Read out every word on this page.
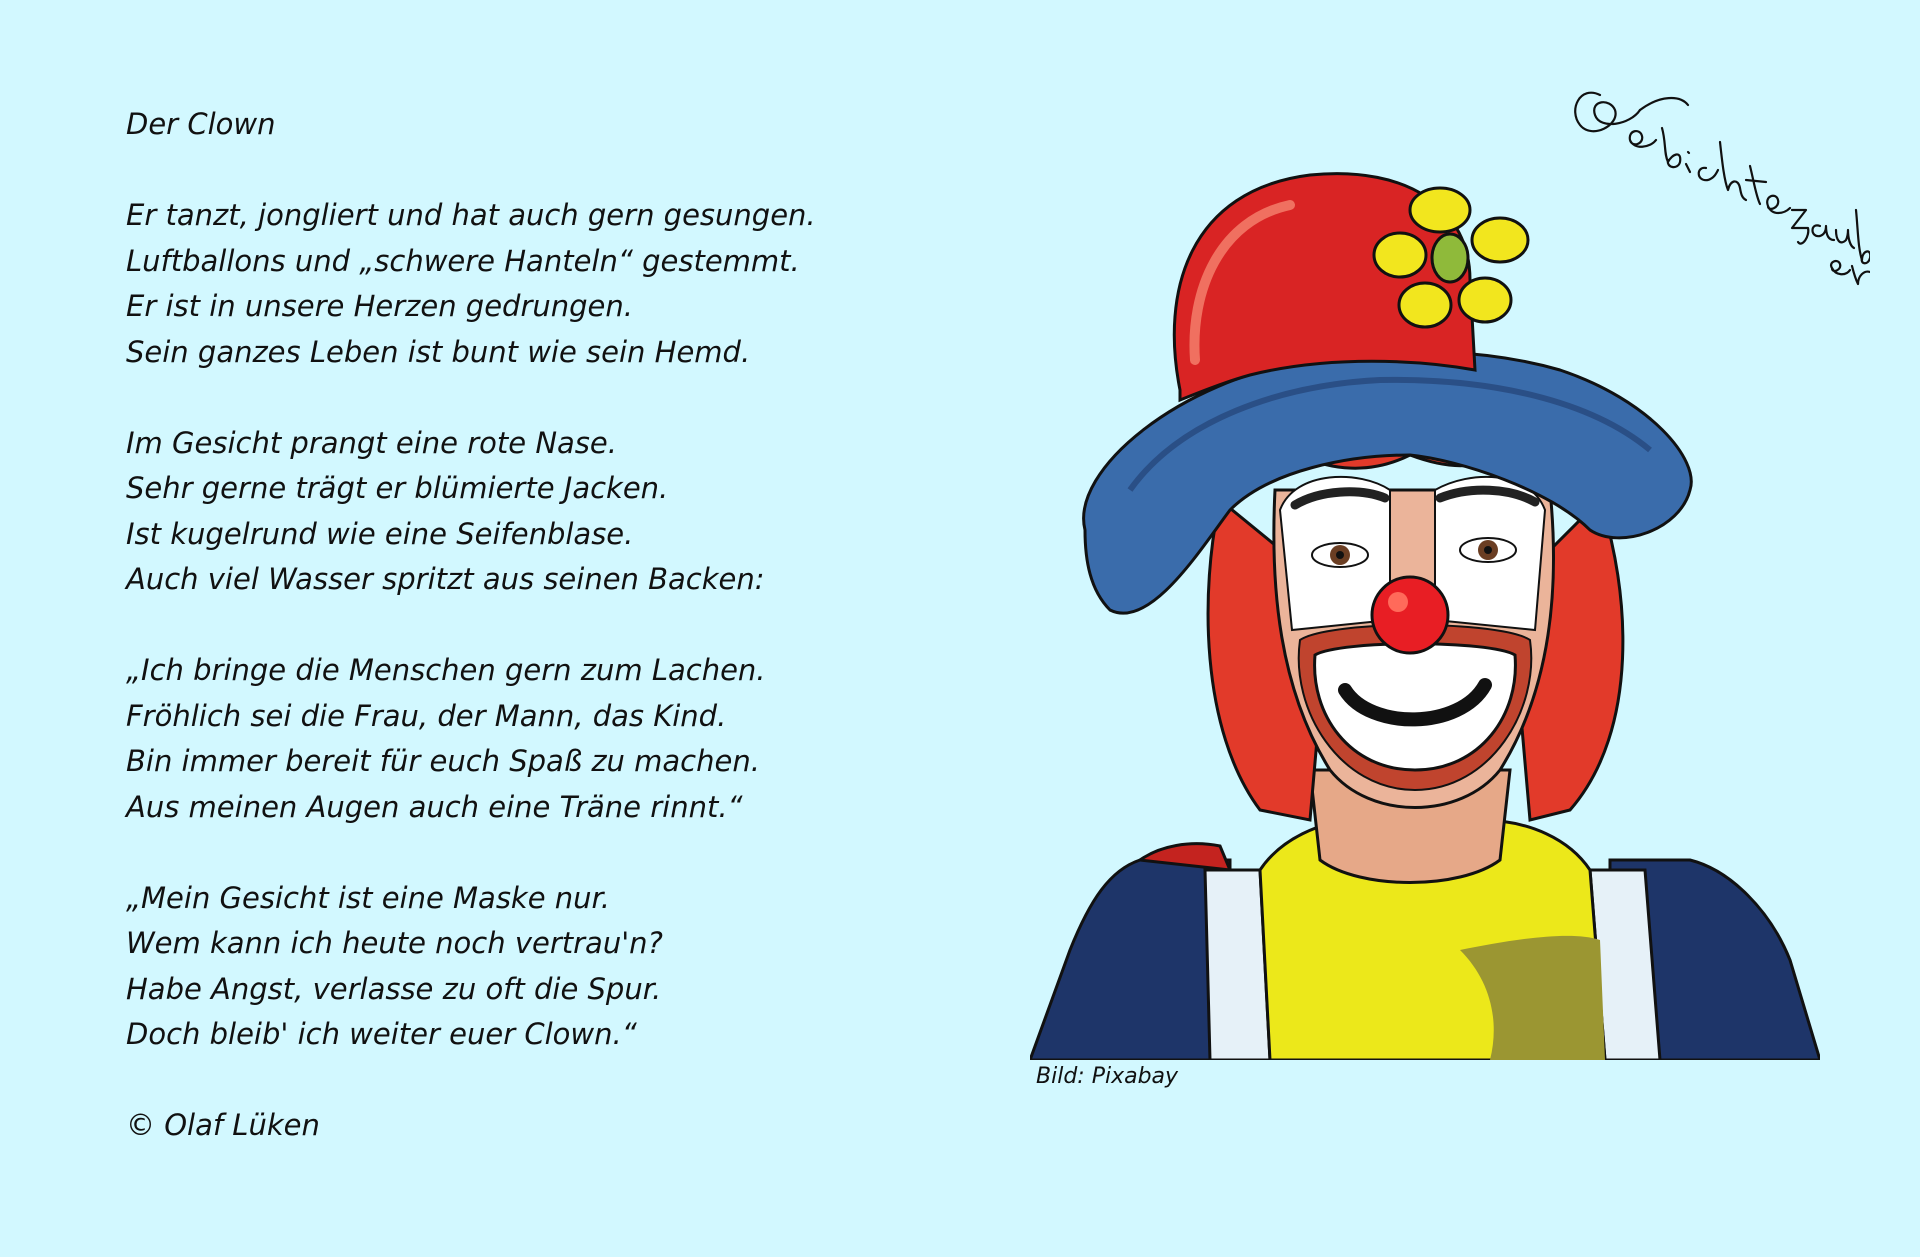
Der Clown
Er tanzt, jongliert und hat auch gern gesungen.
Luftballons und „schwere Hanteln“ gestemmt.
Er ist in unsere Herzen gedrungen.
Sein ganzes Leben ist bunt wie sein Hemd.
Im Gesicht prangt eine rote Nase.
Sehr gerne trägt er blümierte Jacken.
Ist kugelrund wie eine Seifenblase.
Auch viel Wasser spritzt aus seinen Backen:
„Ich bringe die Menschen gern zum Lachen.
Fröhlich sei die Frau, der Mann, das Kind.
Bin immer bereit für euch Spaß zu machen.
Aus meinen Augen auch eine Träne rinnt.“
„Mein Gesicht ist eine Maske nur.
Wem kann ich heute noch vertrau'n?
Habe Angst, verlasse zu oft die Spur.
Doch bleib' ich weiter euer Clown.“
© Olaf Lüken
Bild: Pixabay
